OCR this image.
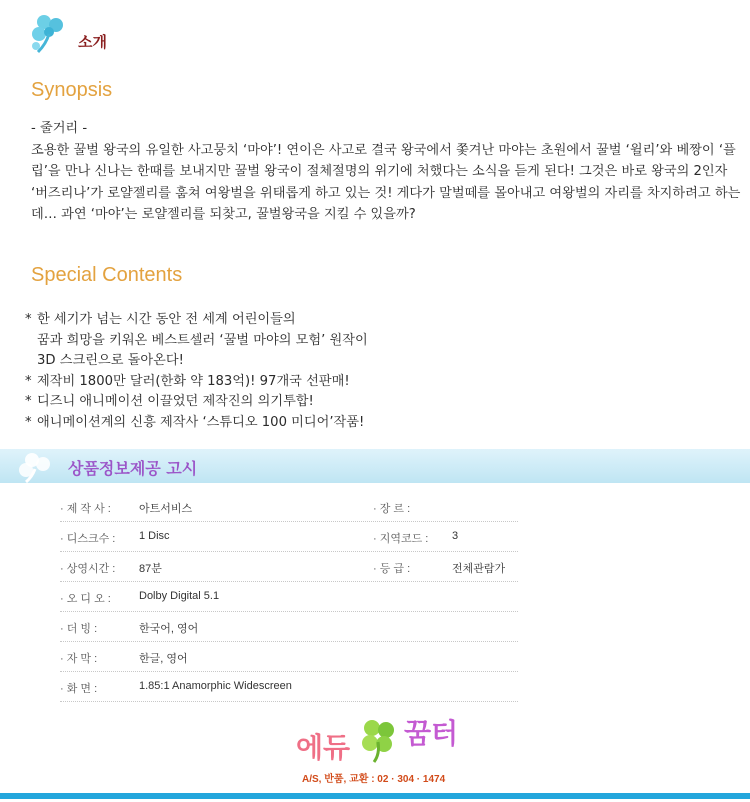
소개
Synopsis
- 줄거리 -
조용한 꿀벌 왕국의 유일한 사고뭉치 ‘마야’! 연이은 사고로 결국 왕국에서 쫓겨난 마야는 초원에서 꿀벌 ‘윌리’와 베짱이 ‘플립’을 만나 신나는 한때를 보내지만 꿀벌 왕국이 절체절명의 위기에 처했다는 소식을 듣게 된다! 그것은 바로 왕국의 2인자 ‘버즈리나’가 로얄젤리를 훔쳐 여왕벌을 위태롭게 하고 있는 것! 게다가 말벌떼를 몰아내고 여왕벌의 자리를 차지하려고 하는데… 과연 ‘마야’는 로얄젤리를 되찾고, 꿀벌왕국을 지킬 수 있을까?
Special Contents
* 한 세기가 넘는 시간 동안 전 세계 어린이들의
꿈과 희망을 키워온 베스트셀러 ‘꿀벌 마야의 모험’ 원작이
3D 스크린으로 돌아온다!
* 제작비 1800만 달러(한화 약 183억)! 97개국 선판매!
* 디즈니 애니메이션 이끌었던 제작진의 의기투합!
* 애니메이션계의 신흥 제작사 ‘스튜디오 100 미디어’작품!
상품정보제공 고시
· 제 작 사 :	아트서비스	· 장 르 :
· 디스크수 : 1 Disc	· 지역코드 : 3
· 상영시간 : 87분	· 등 급 :	전체관람가
· 오 디 오 :	Dolby Digital 5.1
· 더 빙 :	한국어, 영어
· 자 막 :	한글, 영어
· 화 면 :	1.85:1 Anamorphic Widescreen
에듀 꿈터
A/S, 반품, 교환 : 02 · 304 · 1474
